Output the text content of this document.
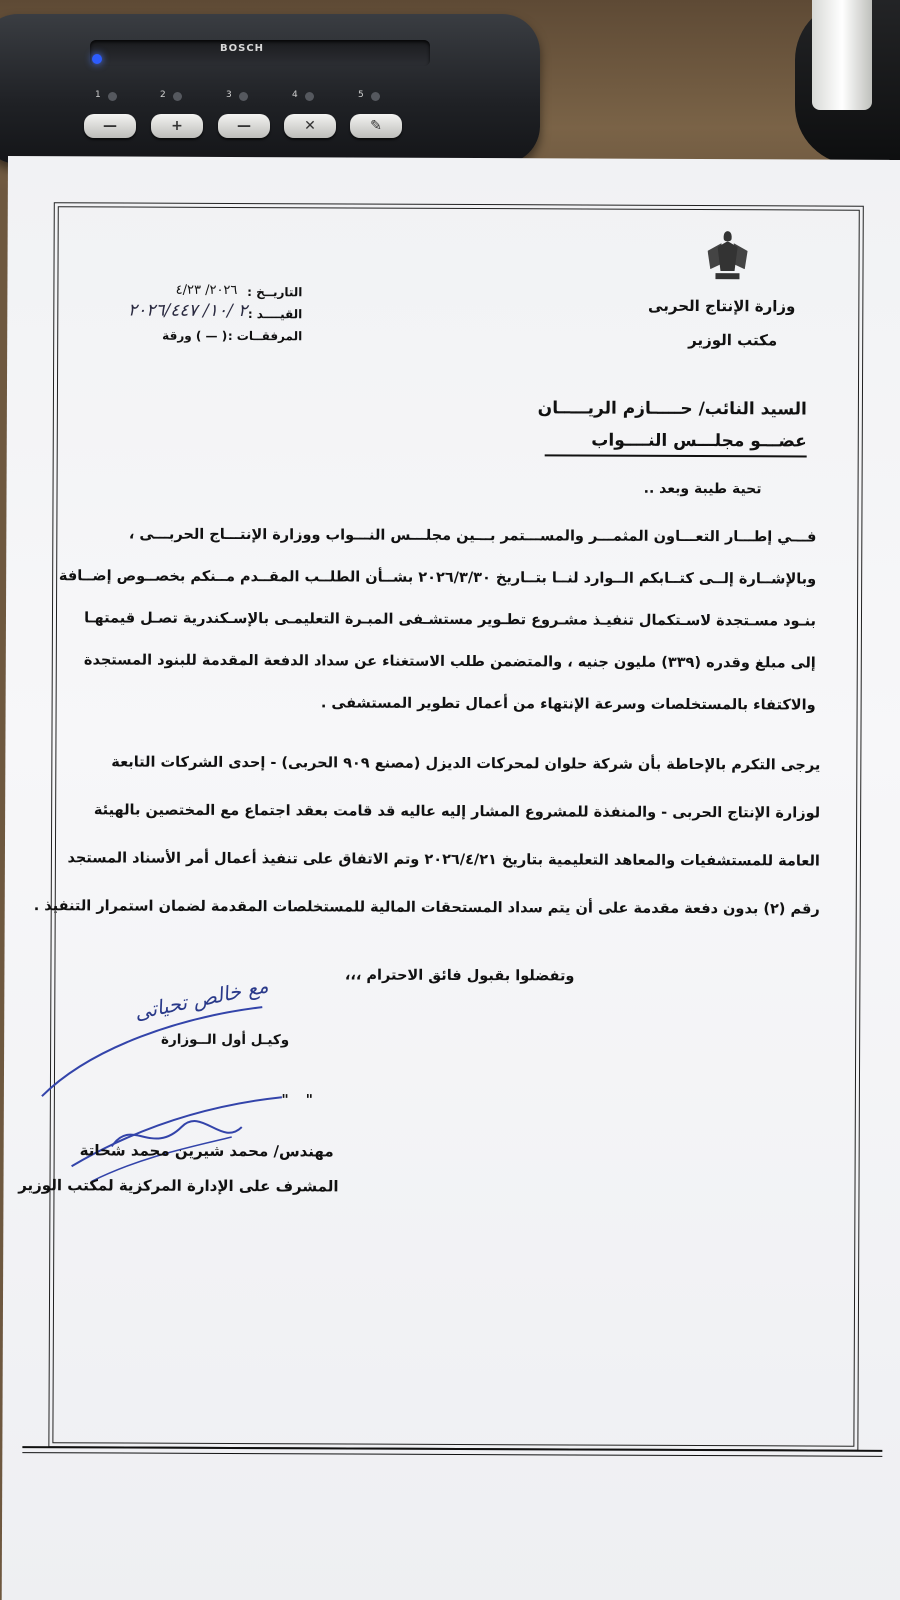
BOSCH
1	2	3	4	5
—	+	—	✕	✎
وزارة الإنتاج الحربى
مكتب الوزير
التاريــخ :
٢٠٢٦/ ٤/٢٣
القيــــد :
٢ /١٠/ ٢٠٢٦/٤٤٧
المرفقــات :
( — ) ورقة
السيد النائب/ حـــــازم الريـــــان
عضـــو مجلـــس النــــواب
تحية طيبة وبعد ..
فـــي إطـــار التعـــاون المثمـــر والمســـتمر بـــين مجلـــس النـــواب ووزارة الإنتـــاج الحربـــى ،
وبالإشــارة إلــى كتــابكم الــوارد لنــا بتــاريخ ٢٠٢٦/٣/٣٠ بشــأن الطلــب المقــدم مــنكم بخصــوص إضــافة
بنـود مسـتجدة لاسـتكمال تنفيـذ مشـروع تطـوير مستشـفى المبـرة التعليمـى بالإسـكندرية تصـل قيمتهـا
إلى مبلغ وقدره (٣٣٩) مليون جنيه ، والمتضمن طلب الاستغناء عن سداد الدفعة المقدمة للبنود المستجدة
والاكتفاء بالمستخلصات وسرعة الإنتهاء من أعمال تطوير المستشفى .
يرجى التكرم بالإحاطة بأن شركة حلوان لمحركات الديزل (مصنع ٩٠٩ الحربى) - إحدى الشركات التابعة
لوزارة الإنتاج الحربى - والمنفذة للمشروع المشار إليه عاليه قد قامت بعقد اجتماع مع المختصين بالهيئة
العامة للمستشفيات والمعاهد التعليمية بتاريخ ٢٠٢٦/٤/٢١ وتم الاتفاق على تنفيذ أعمال أمر الأسناد المستجد
رقم (٢) بدون دفعة مقدمة على أن يتم سداد المستحقات المالية للمستخلصات المقدمة لضمان استمرار التنفيذ .
وتفضلوا بقبول فائق الاحترام ،،،
مع خالص تحياتى
وكيـل أول الــوزارة
" "
مهندس/ محمد شيرين محمد شحاتة
المشرف على الإدارة المركزية لمكتب الوزير
